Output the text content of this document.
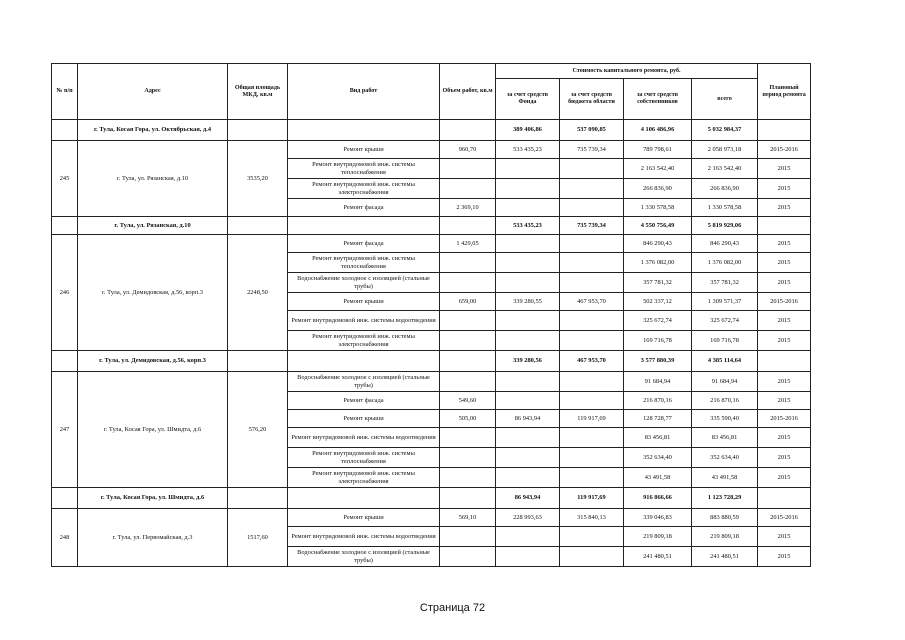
№ п/п	Адрес	Общая площадь МКД, кв.м	Вид работ	Объем работ, кв.м	Стоимость капитального ремонта, руб.				Плановый период ремонта
					за счет средств Фонда	за счет средств бюджета области	за счет средств собственников	всего	
	г. Тула, Косая Гора, ул. Октябрьская, д.4				389 406,86	537 090,85	4 106 486,96	5 032 984,37	
245	г. Тула, ул. Рязанская, д.10	3535,20	Ремонт крыши	960,70	533 435,23	735 739,34	789 798,61	2 058 973,18	2015-2016
			Ремонт внутридомовой инж. системы теплоснабжения				2 163 542,40	2 163 542,40	2015
			Ремонт внутридомовой инж. системы электроснабжения				266 836,90	266 836,90	2015
			Ремонт фасада	2 369,10			1 330 578,58	1 330 578,58	2015
	г. Тула, ул. Рязанская, д.10				533 435,23	735 739,34	4 550 756,49	5 819 929,06	
246	г. Тула, ул. Демидовская, д.56, корп.3	2248,50	Ремонт фасада	1 429,05			846 290,43	846 290,43	2015
			Ремонт внутридомовой инж. системы теплоснабжения				1 376 082,00	1 376 082,00	2015
			Водоснабжение холодное с изоляцией (стальные трубы)				357 781,32	357 781,32	2015
			Ремонт крыши	659,00	339 280,55	467 953,70	502 337,12	1 309 571,37	2015-2016
			Ремонт внутридомовой инж. системы водоотведения				325 672,74	325 672,74	2015
			Ремонт внутридомовой инж. системы электроснабжения				169 716,78	169 716,78	2015
	г. Тула, ул. Демидовская, д.56, корп.3				339 280,56	467 953,70	3 577 880,39	4 385 114,64	
247	г. Тула, Косая Гора, ул. Шмидта, д.6	576,20	Водоснабжение холодное с изоляцией (стальные трубы)				91 684,94	91 684,94	2015
			Ремонт фасада	549,60			216 870,16	216 870,16	2015
			Ремонт крыши	505,00	86 943,94	119 917,69	128 728,77	335 590,40	2015-2016
			Ремонт внутридомовой инж. системы водоотведения				83 456,81	83 456,81	2015
			Ремонт внутридомовой инж. системы теплоснабжения				352 634,40	352 634,40	2015
			Ремонт внутридомовой инж. системы электроснабжения				43 491,58	43 491,58	2015
	г. Тула, Косая Гора, ул. Шмидта, д.6				86 943,94	119 917,69	916 866,66	1 123 728,29	
248	г. Тула, ул. Первомайская, д.3	1517,60	Ремонт крыши	569,10	228 993,63	315 840,13	339 046,83	883 880,59	2015-2016
			Ремонт внутридомовой инж. системы водоотведения				219 809,18	219 809,18	2015
			Водоснабжение холодное с изоляцией (стальные трубы)				241 480,51	241 480,51	2015
Страница 72
